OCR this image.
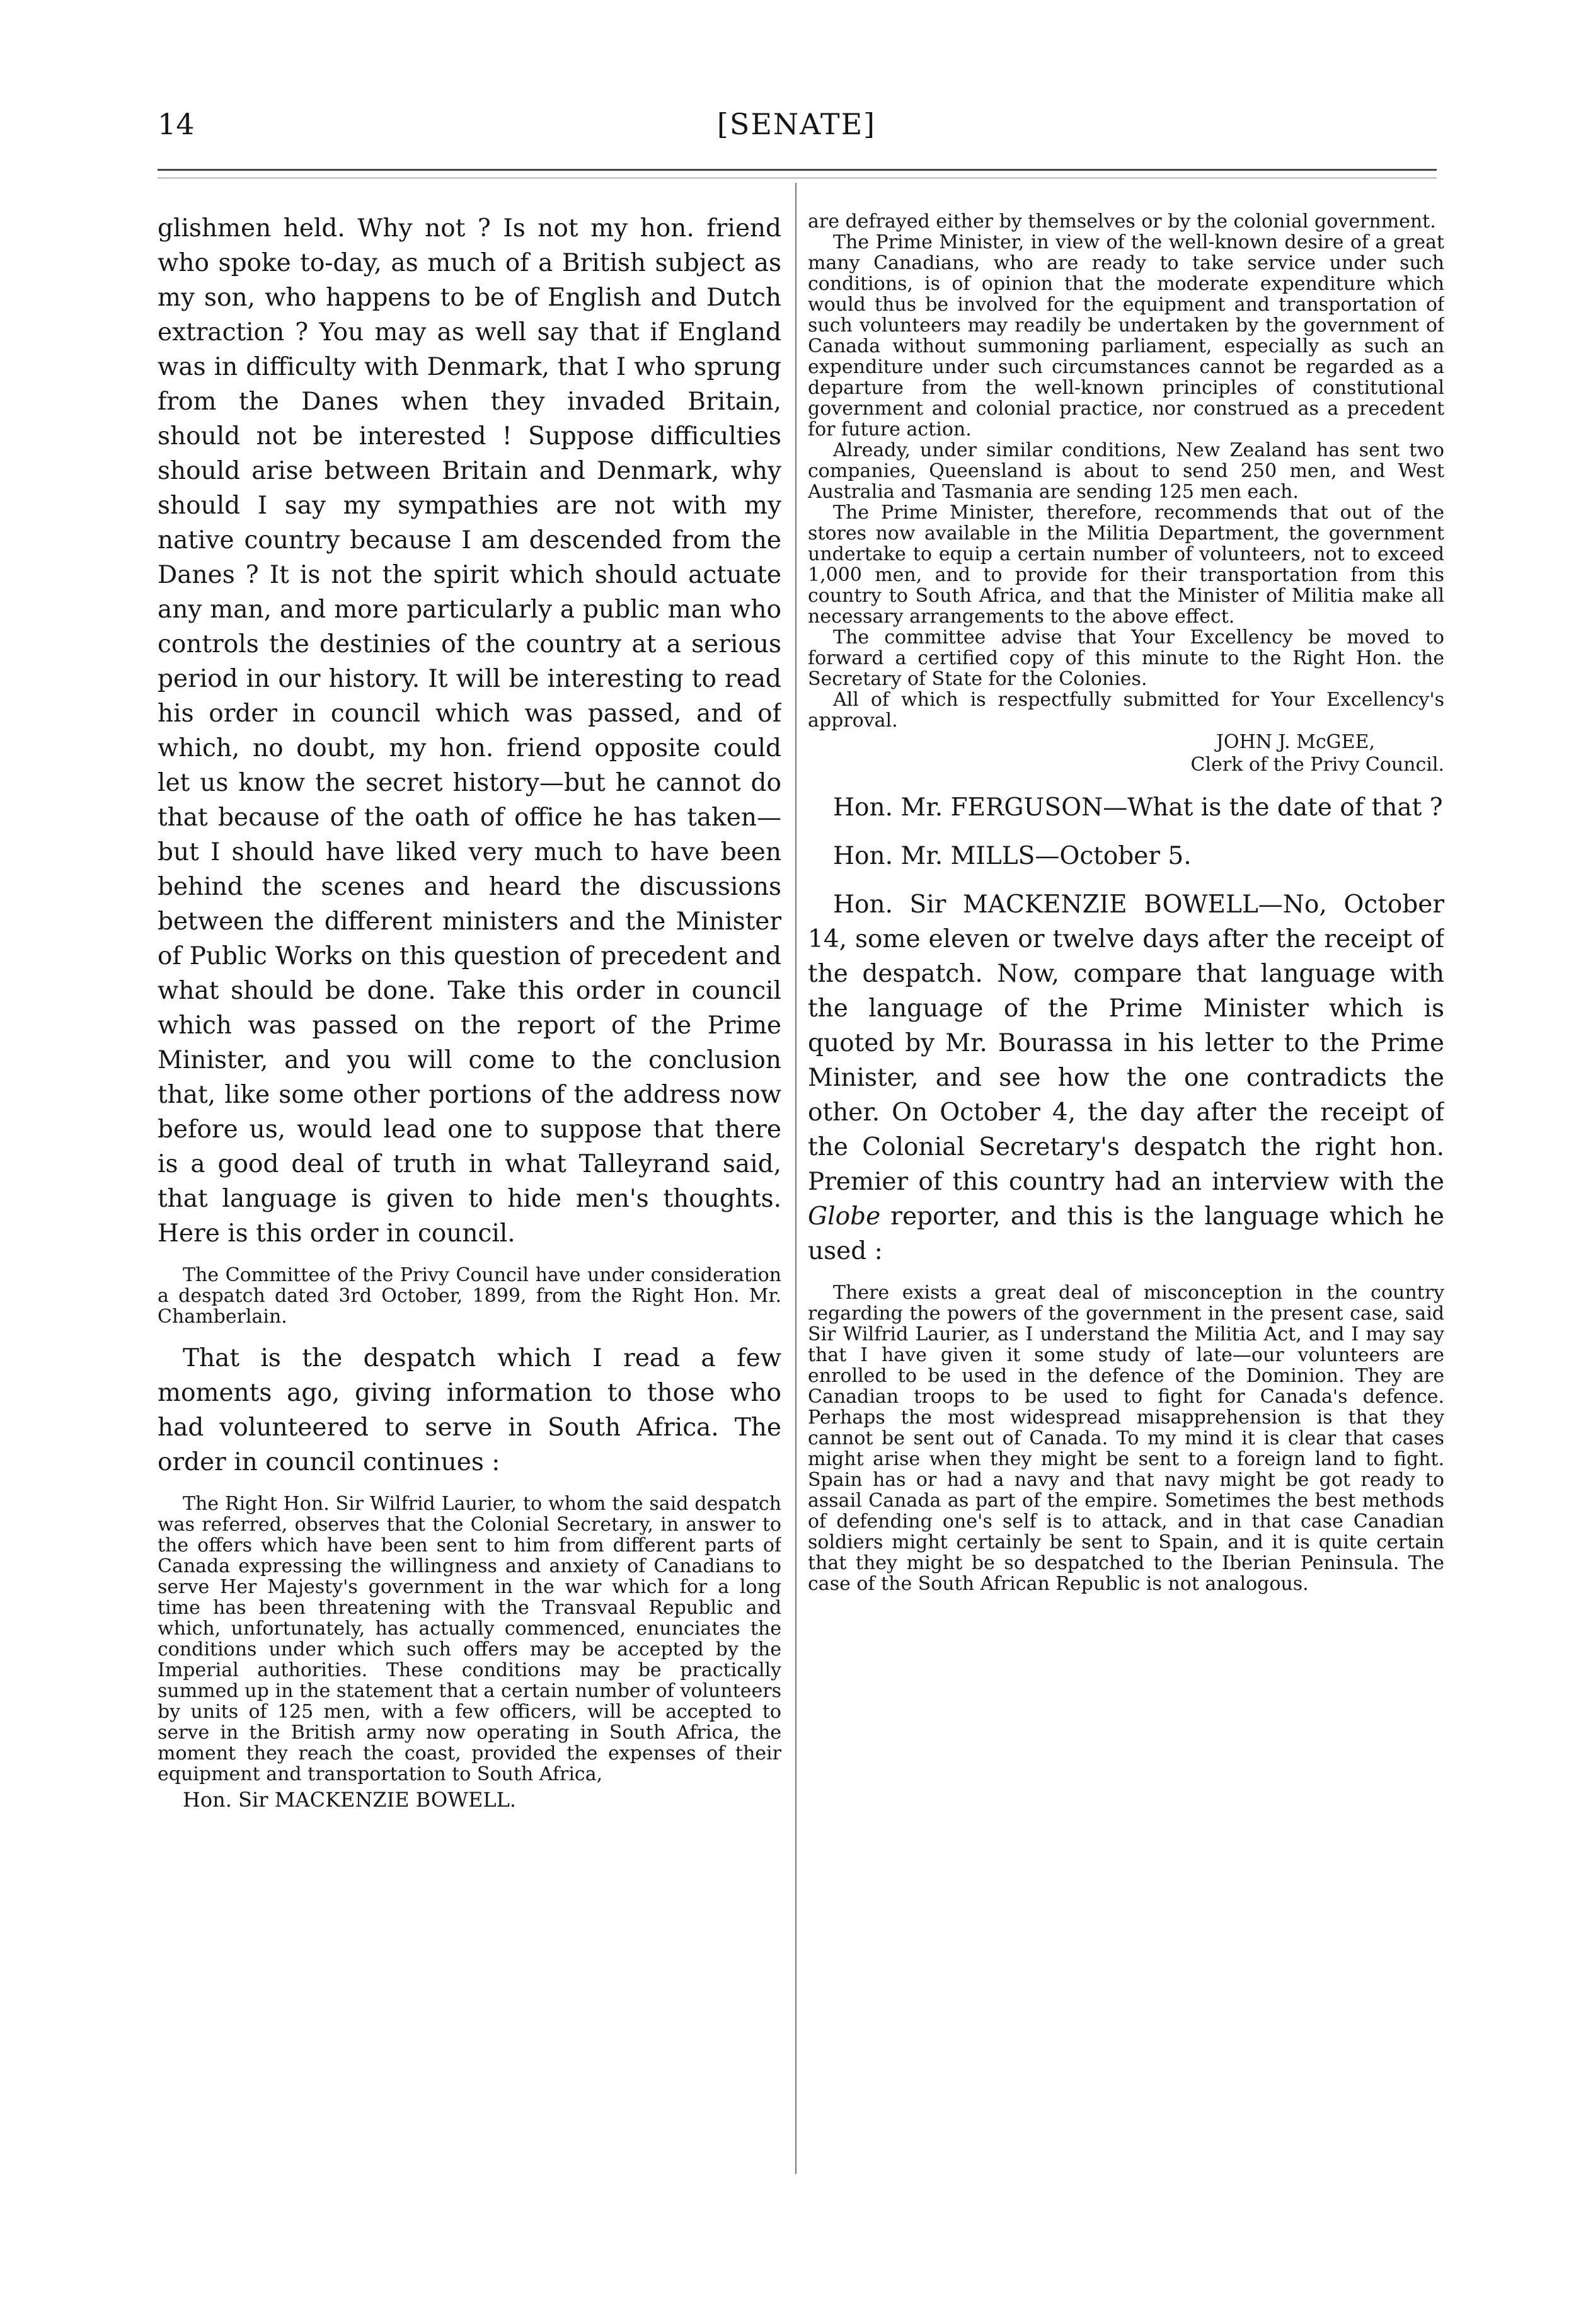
14	[SENATE]

glishmen held. Why not ? Is not my hon. friend who spoke to-day, as much of a British subject as my son, who happens to be of English and Dutch extraction ? You may as well say that if England was in difficulty with Denmark, that I who sprung from the Danes when they invaded Britain, should not be interested ! Suppose difficulties should arise between Britain and Denmark, why should I say my sympathies are not with my native country because I am descended from the Danes ? It is not the spirit which should actuate any man, and more particularly a public man who controls the destinies of the country at a serious period in our history. It will be interesting to read his order in council which was passed, and of which, no doubt, my hon. friend opposite could let us know the secret history—but he cannot do that because of the oath of office he has taken—but I should have liked very much to have been behind the scenes and heard the discussions between the different ministers and the Minister of Public Works on this question of precedent and what should be done. Take this order in council which was passed on the report of the Prime Minister, and you will come to the conclusion that, like some other portions of the address now before us, would lead one to suppose that there is a good deal of truth in what Talleyrand said, that language is given to hide men's thoughts. Here is this order in council.

The Committee of the Privy Council have under consideration a despatch dated 3rd October, 1899, from the Right Hon. Mr. Chamberlain.

That is the despatch which I read a few moments ago, giving information to those who had volunteered to serve in South Africa. The order in council continues :

The Right Hon. Sir Wilfrid Laurier, to whom the said despatch was referred, observes that the Colonial Secretary, in answer to the offers which have been sent to him from different parts of Canada expressing the willingness and anxiety of Canadians to serve Her Majesty's government in the war which for a long time has been threatening with the Transvaal Republic and which, unfortunately, has actually commenced, enunciates the conditions under which such offers may be accepted by the Imperial authorities. These conditions may be practically summed up in the statement that a certain number of volunteers by units of 125 men, with a few officers, will be accepted to serve in the British army now operating in South Africa, the moment they reach the coast, provided the expenses of their equipment and transportation to South Africa,

Hon. Sir MACKENZIE BOWELL.

are defrayed either by themselves or by the colonial government.

The Prime Minister, in view of the well-known desire of a great many Canadians, who are ready to take service under such conditions, is of opinion that the moderate expenditure which would thus be involved for the equipment and transportation of such volunteers may readily be undertaken by the government of Canada without summoning parliament, especially as such an expenditure under such circumstances cannot be regarded as a departure from the well-known principles of constitutional government and colonial practice, nor construed as a precedent for future action.

Already, under similar conditions, New Zealand has sent two companies, Queensland is about to send 250 men, and West Australia and Tasmania are sending 125 men each.

The Prime Minister, therefore, recommends that out of the stores now available in the Militia Department, the government undertake to equip a certain number of volunteers, not to exceed 1,000 men, and to provide for their transportation from this country to South Africa, and that the Minister of Militia make all necessary arrangements to the above effect.

The committee advise that Your Excellency be moved to forward a certified copy of this minute to the Right Hon. the Secretary of State for the Colonies.

All of which is respectfully submitted for Your Excellency's approval.

JOHN J. McGEE,
Clerk of the Privy Council.

Hon. Mr. FERGUSON—What is the date of that ?

Hon. Mr. MILLS—October 5.

Hon. Sir MACKENZIE BOWELL—No, October 14, some eleven or twelve days after the receipt of the despatch. Now, compare that language with the language of the Prime Minister which is quoted by Mr. Bourassa in his letter to the Prime Minister, and see how the one contradicts the other. On October 4, the day after the receipt of the Colonial Secretary's despatch the right hon. Premier of this country had an interview with the Globe reporter, and this is the language which he used :

There exists a great deal of misconception in the country regarding the powers of the government in the present case, said Sir Wilfrid Laurier, as I understand the Militia Act, and I may say that I have given it some study of late—our volunteers are enrolled to be used in the defence of the Dominion. They are Canadian troops to be used to fight for Canada's defence. Perhaps the most widespread misapprehension is that they cannot be sent out of Canada. To my mind it is clear that cases might arise when they might be sent to a foreign land to fight. Spain has or had a navy and that navy might be got ready to assail Canada as part of the empire. Sometimes the best methods of defending one's self is to attack, and in that case Canadian soldiers might certainly be sent to Spain, and it is quite certain that they might be so despatched to the Iberian Peninsula. The case of the South African Republic is not analogous.
